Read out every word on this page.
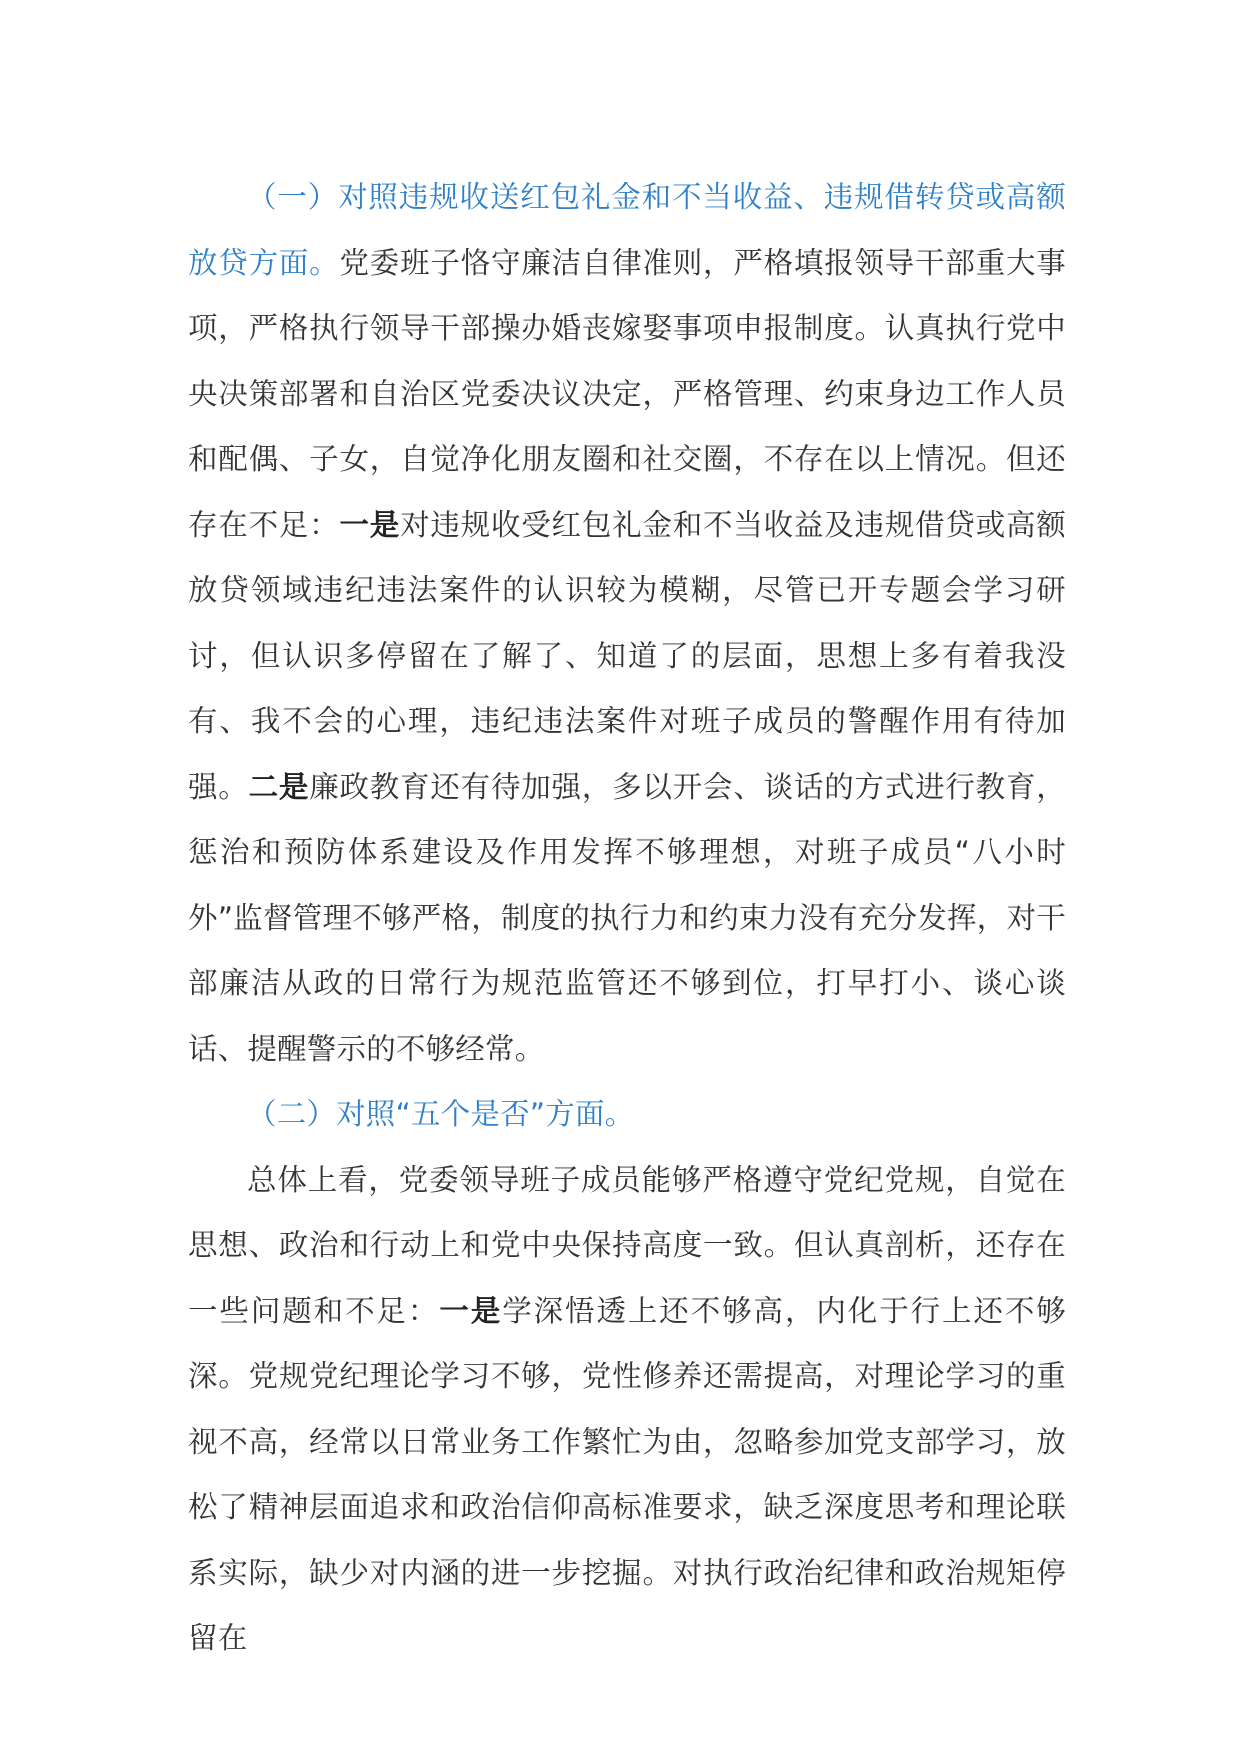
（一）对照违规收送红包礼金和不当收益、违规借转贷或高额放贷方面。党委班子恪守廉洁自律准则，严格填报领导干部重大事项，严格执行领导干部操办婚丧嫁娶事项申报制度。认真执行党中央决策部署和自治区党委决议决定，严格管理、约束身边工作人员和配偶、子女，自觉净化朋友圈和社交圈，不存在以上情况。但还存在不足：一是对违规收受红包礼金和不当收益及违规借贷或高额放贷领域违纪违法案件的认识较为模糊，尽管已开专题会学习研讨，但认识多停留在了解了、知道了的层面，思想上多有着我没有、我不会的心理，违纪违法案件对班子成员的警醒作用有待加强。二是廉政教育还有待加强，多以开会、谈话的方式进行教育，惩治和预防体系建设及作用发挥不够理想，对班子成员“八小时外”监督管理不够严格，制度的执行力和约束力没有充分发挥，对干部廉洁从政的日常行为规范监管还不够到位，打早打小、谈心谈话、提醒警示的不够经常。

（二）对照“五个是否”方面。

总体上看，党委领导班子成员能够严格遵守党纪党规，自觉在思想、政治和行动上和党中央保持高度一致。但认真剖析，还存在一些问题和不足：一是学深悟透上还不够高，内化于行上还不够深。党规党纪理论学习不够，党性修养还需提高，对理论学习的重视不高，经常以日常业务工作繁忙为由，忽略参加党支部学习，放松了精神层面追求和政治信仰高标准要求，缺乏深度思考和理论联系实际，缺少对内涵的进一步挖掘。对执行政治纪律和政治规矩停留在
